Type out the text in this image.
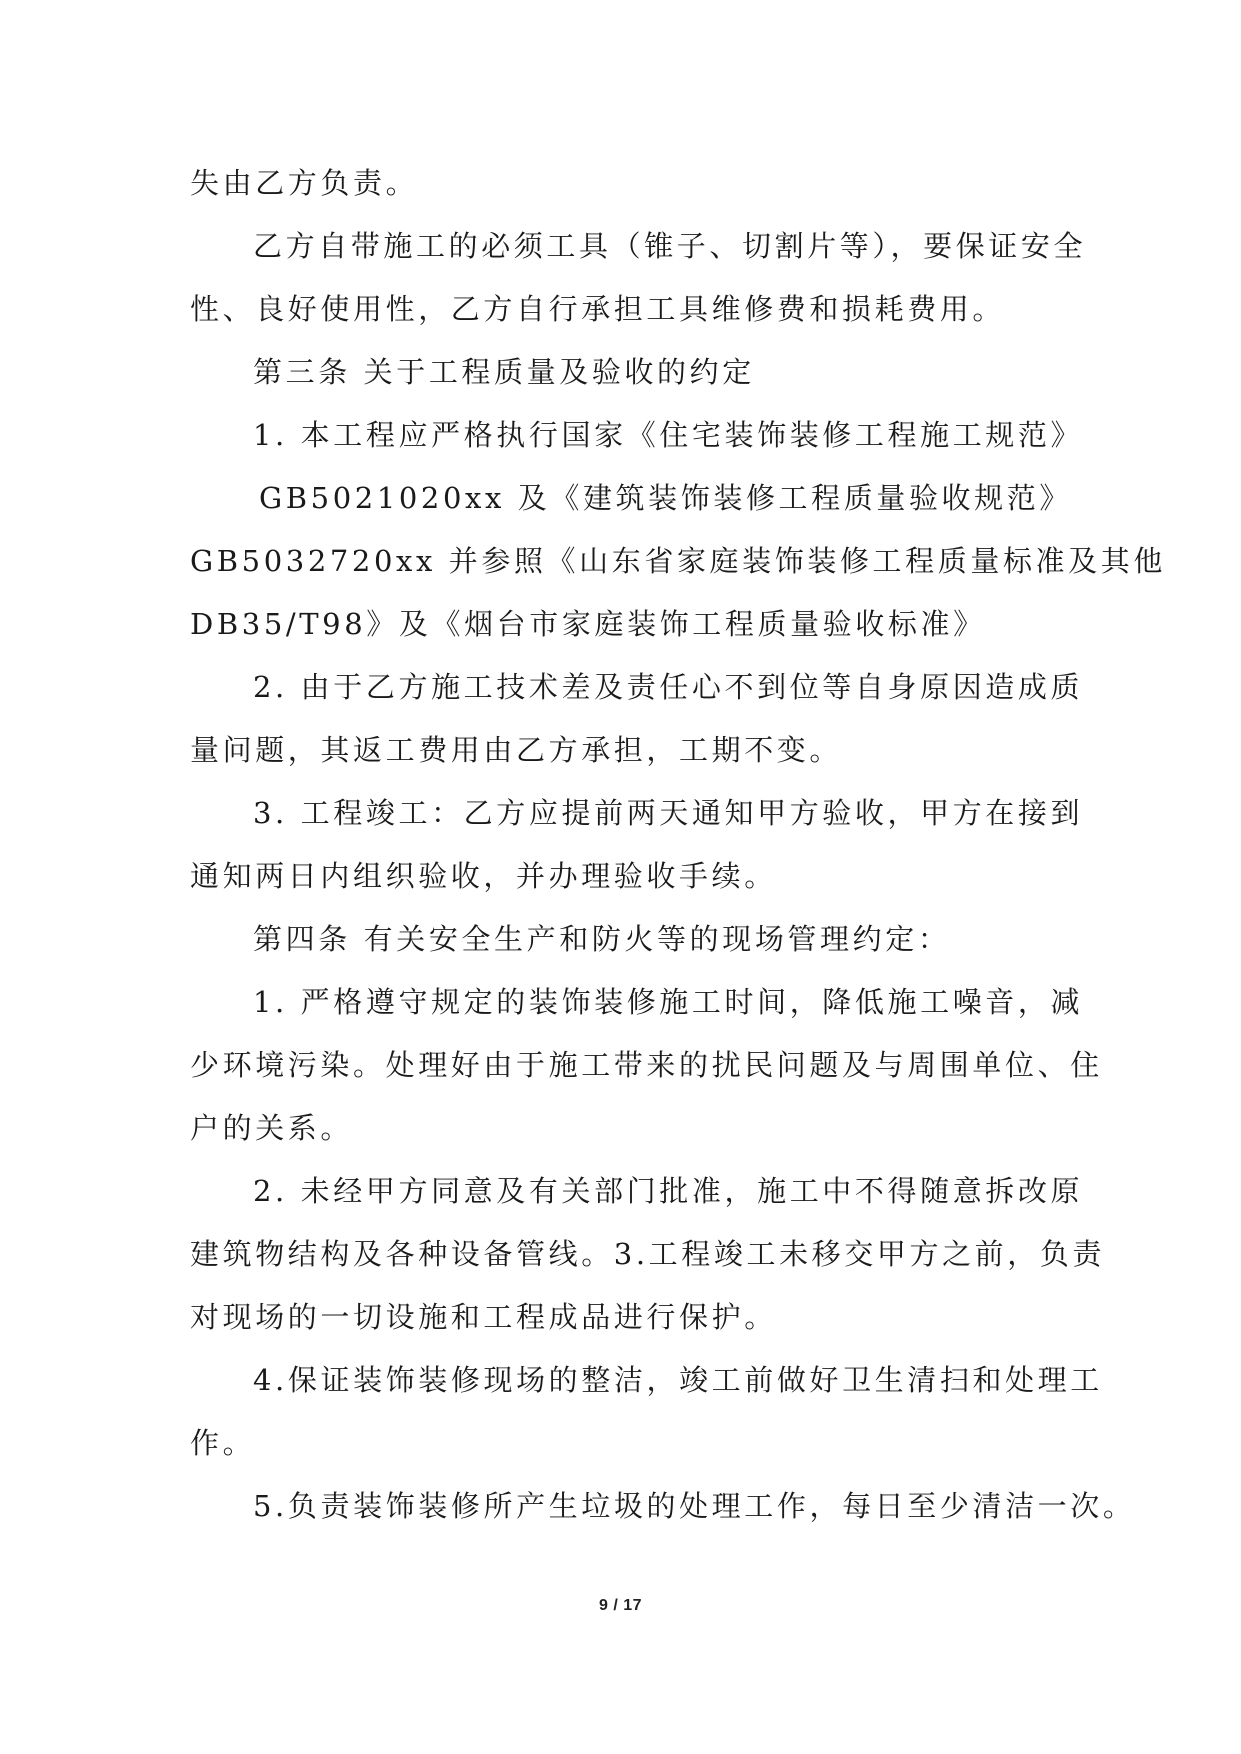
失由乙方负责。
乙方自带施工的必须工具（锥子、切割片等），要保证安全
性、良好使用性，乙方自行承担工具维修费和损耗费用。
第三条 关于工程质量及验收的约定
1. 本工程应严格执行国家《住宅装饰装修工程施工规范》
GB5021020xx 及《建筑装饰装修工程质量验收规范》
GB5032720xx 并参照《山东省家庭装饰装修工程质量标准及其他
DB35/T98》及《烟台市家庭装饰工程质量验收标准》
2. 由于乙方施工技术差及责任心不到位等自身原因造成质
量问题，其返工费用由乙方承担，工期不变。
3. 工程竣工：乙方应提前两天通知甲方验收，甲方在接到
通知两日内组织验收，并办理验收手续。
第四条 有关安全生产和防火等的现场管理约定：
1. 严格遵守规定的装饰装修施工时间，降低施工噪音，减
少环境污染。处理好由于施工带来的扰民问题及与周围单位、住
户的关系。
2. 未经甲方同意及有关部门批准，施工中不得随意拆改原
建筑物结构及各种设备管线。3.工程竣工未移交甲方之前，负责
对现场的一切设施和工程成品进行保护。
4.保证装饰装修现场的整洁，竣工前做好卫生清扫和处理工
作。
5.负责装饰装修所产生垃圾的处理工作，每日至少清洁一次。
9 / 17
